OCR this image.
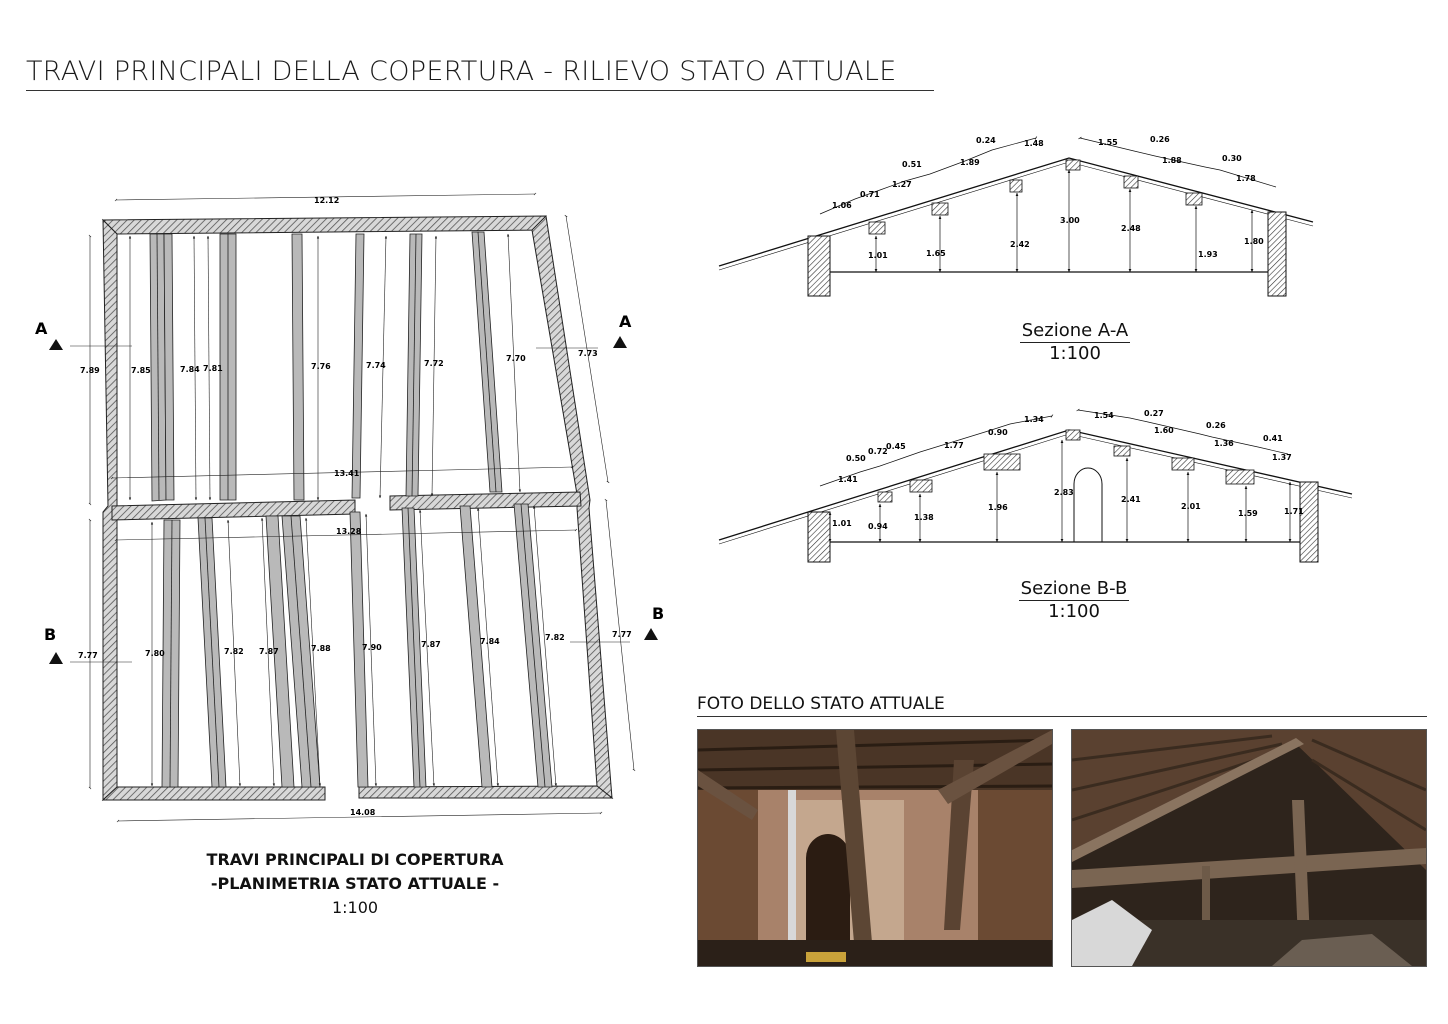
TRAVI PRINCIPALI DELLA COPERTURA - RILIEVO STATO ATTUALE
A	A
B
B
12.12
14.08
13.41
13.28
7.89
7.77
7.73
7.77
7.85	7.84 7.81	7.76	7.74	7.72
7.70
7.80	7.82 7.87	7.88	7.90	7.87	7.84	7.82
1.06
0.71
1.27
0.51	1.89
0.24	1.48	1.55	0.26
1.88	0.30
1.78
1.01	1.65
2.42
3.00
2.48
1.93
1.80
1.41
0.50
0.72
0.45	1.77
0.90
1.34	1.54	0.27
1.60
0.26
1.36
0.41
1.37
1.01 0.94
1.38
1.96
2.83
2.41
2.01
1.59	1.71
TRAVI PRINCIPALI DI COPERTURA
-PLANIMETRIA STATO ATTUALE -
1:100
Sezione A-A
1:100
Sezione B-B
1:100
FOTO DELLO STATO ATTUALE
